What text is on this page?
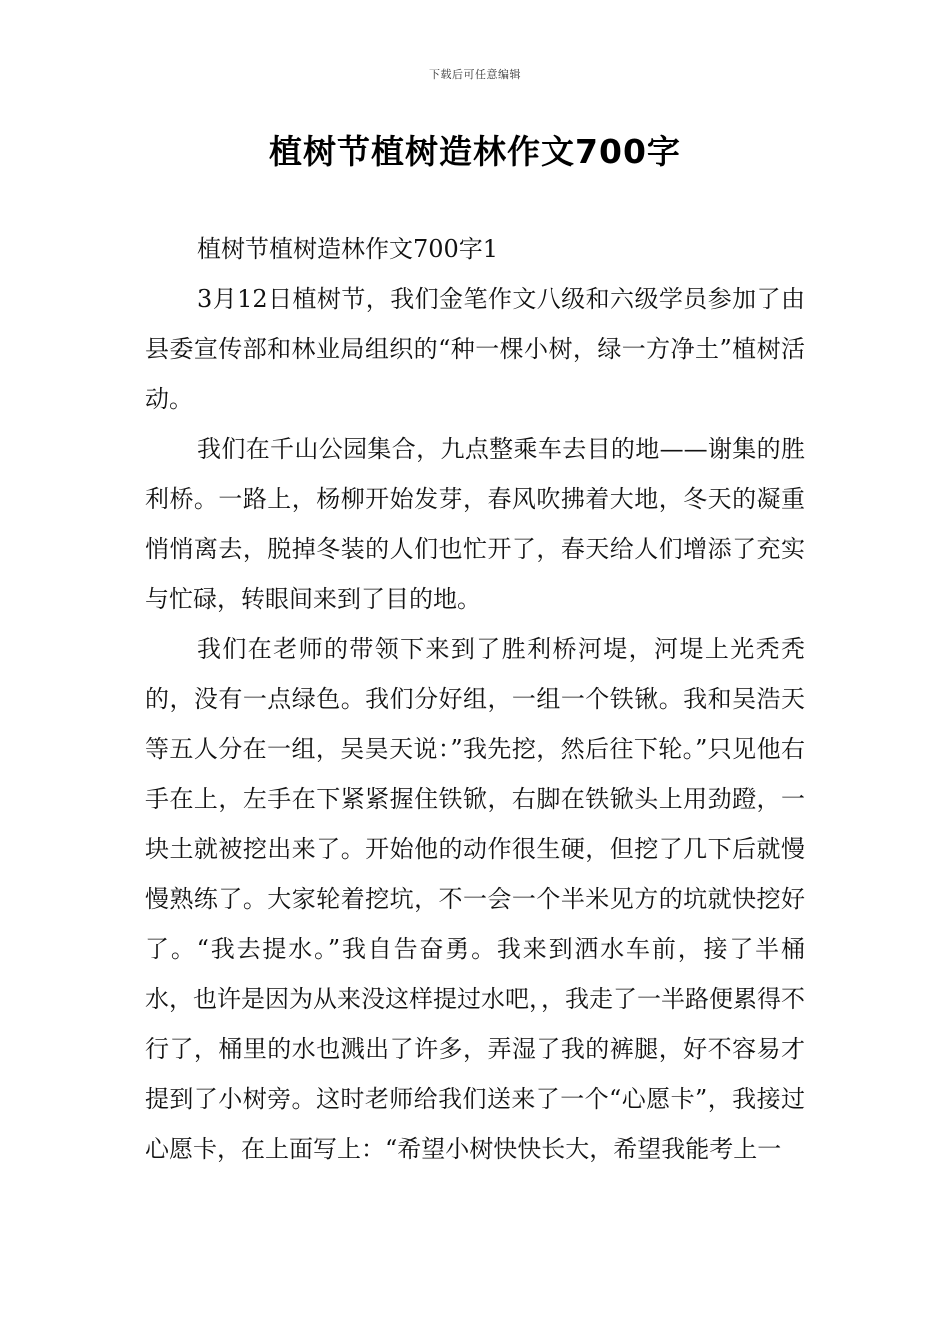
下载后可任意编辑
植树节植树造林作文700字

植树节植树造林作文700字1

3月12日植树节，我们金笔作文八级和六级学员参加了由县委宣传部和林业局组织的“种一棵小树，绿一方净土”植树活动。

我们在千山公园集合，九点整乘车去目的地——谢集的胜利桥。一路上，杨柳开始发芽，春风吹拂着大地，冬天的凝重悄悄离去，脱掉冬装的人们也忙开了，春天给人们增添了充实与忙碌，转眼间来到了目的地。

我们在老师的带领下来到了胜利桥河堤，河堤上光秃秃的，没有一点绿色。我们分好组，一组一个铁锹。我和吴浩天等五人分在一组，吴昊天说：”我先挖，然后往下轮。”只见他右手在上，左手在下紧紧握住铁锨，右脚在铁锨头上用劲蹬，一块土就被挖出来了。开始他的动作很生硬，但挖了几下后就慢慢熟练了。大家轮着挖坑，不一会一个半米见方的坑就快挖好了。“我去提水。”我自告奋勇。我来到洒水车前，接了半桶水，也许是因为从来没这样提过水吧，，我走了一半路便累得不行了，桶里的水也溅出了许多，弄湿了我的裤腿，好不容易才提到了小树旁。这时老师给我们送来了一个“心愿卡”，我接过心愿卡，在上面写上：“希望小树快快长大，希望我能考上一
